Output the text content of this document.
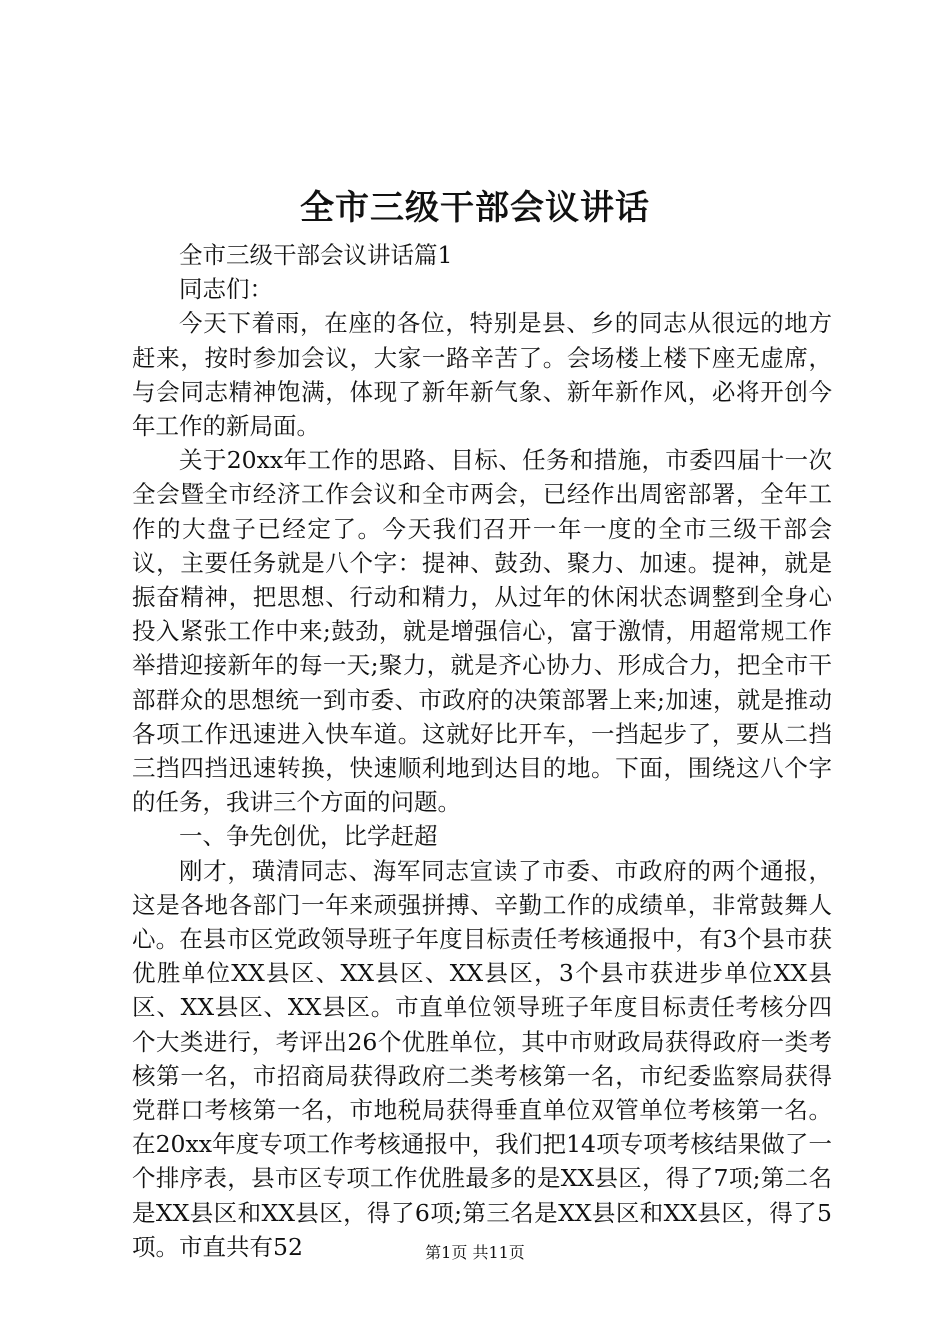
全市三级干部会议讲话

全市三级干部会议讲话篇1

同志们：

今天下着雨，在座的各位，特别是县、乡的同志从很远的地方赶来，按时参加会议，大家一路辛苦了。会场楼上楼下座无虚席，与会同志精神饱满，体现了新年新气象、新年新作风，必将开创今年工作的新局面。

关于20xx年工作的思路、目标、任务和措施，市委四届十一次全会暨全市经济工作会议和全市两会，已经作出周密部署，全年工作的大盘子已经定了。今天我们召开一年一度的全市三级干部会议，主要任务就是八个字：提神、鼓劲、聚力、加速。提神，就是振奋精神，把思想、行动和精力，从过年的休闲状态调整到全身心投入紧张工作中来;鼓劲，就是增强信心，富于激情，用超常规工作举措迎接新年的每一天;聚力，就是齐心协力、形成合力，把全市干部群众的思想统一到市委、市政府的决策部署上来;加速，就是推动各项工作迅速进入快车道。这就好比开车，一挡起步了，要从二挡三挡四挡迅速转换，快速顺利地到达目的地。下面，围绕这八个字的任务，我讲三个方面的问题。

一、争先创优，比学赶超

刚才，璜清同志、海军同志宣读了市委、市政府的两个通报，这是各地各部门一年来顽强拼搏、辛勤工作的成绩单，非常鼓舞人心。在县市区党政领导班子年度目标责任考核通报中，有3个县市获优胜单位XX县区、XX县区、XX县区，3个县市获进步单位XX县区、XX县区、XX县区。市直单位领导班子年度目标责任考核分四个大类进行，考评出26个优胜单位，其中市财政局获得政府一类考核第一名，市招商局获得政府二类考核第一名，市纪委监察局获得党群口考核第一名，市地税局获得垂直单位双管单位考核第一名。在20xx年度专项工作考核通报中，我们把14项专项考核结果做了一个排序表，县市区专项工作优胜最多的是XX县区，得了7项;第二名是XX县区和XX县区，得了6项;第三名是XX县区和XX县区，得了5项。市直共有52	第1页 共11页
